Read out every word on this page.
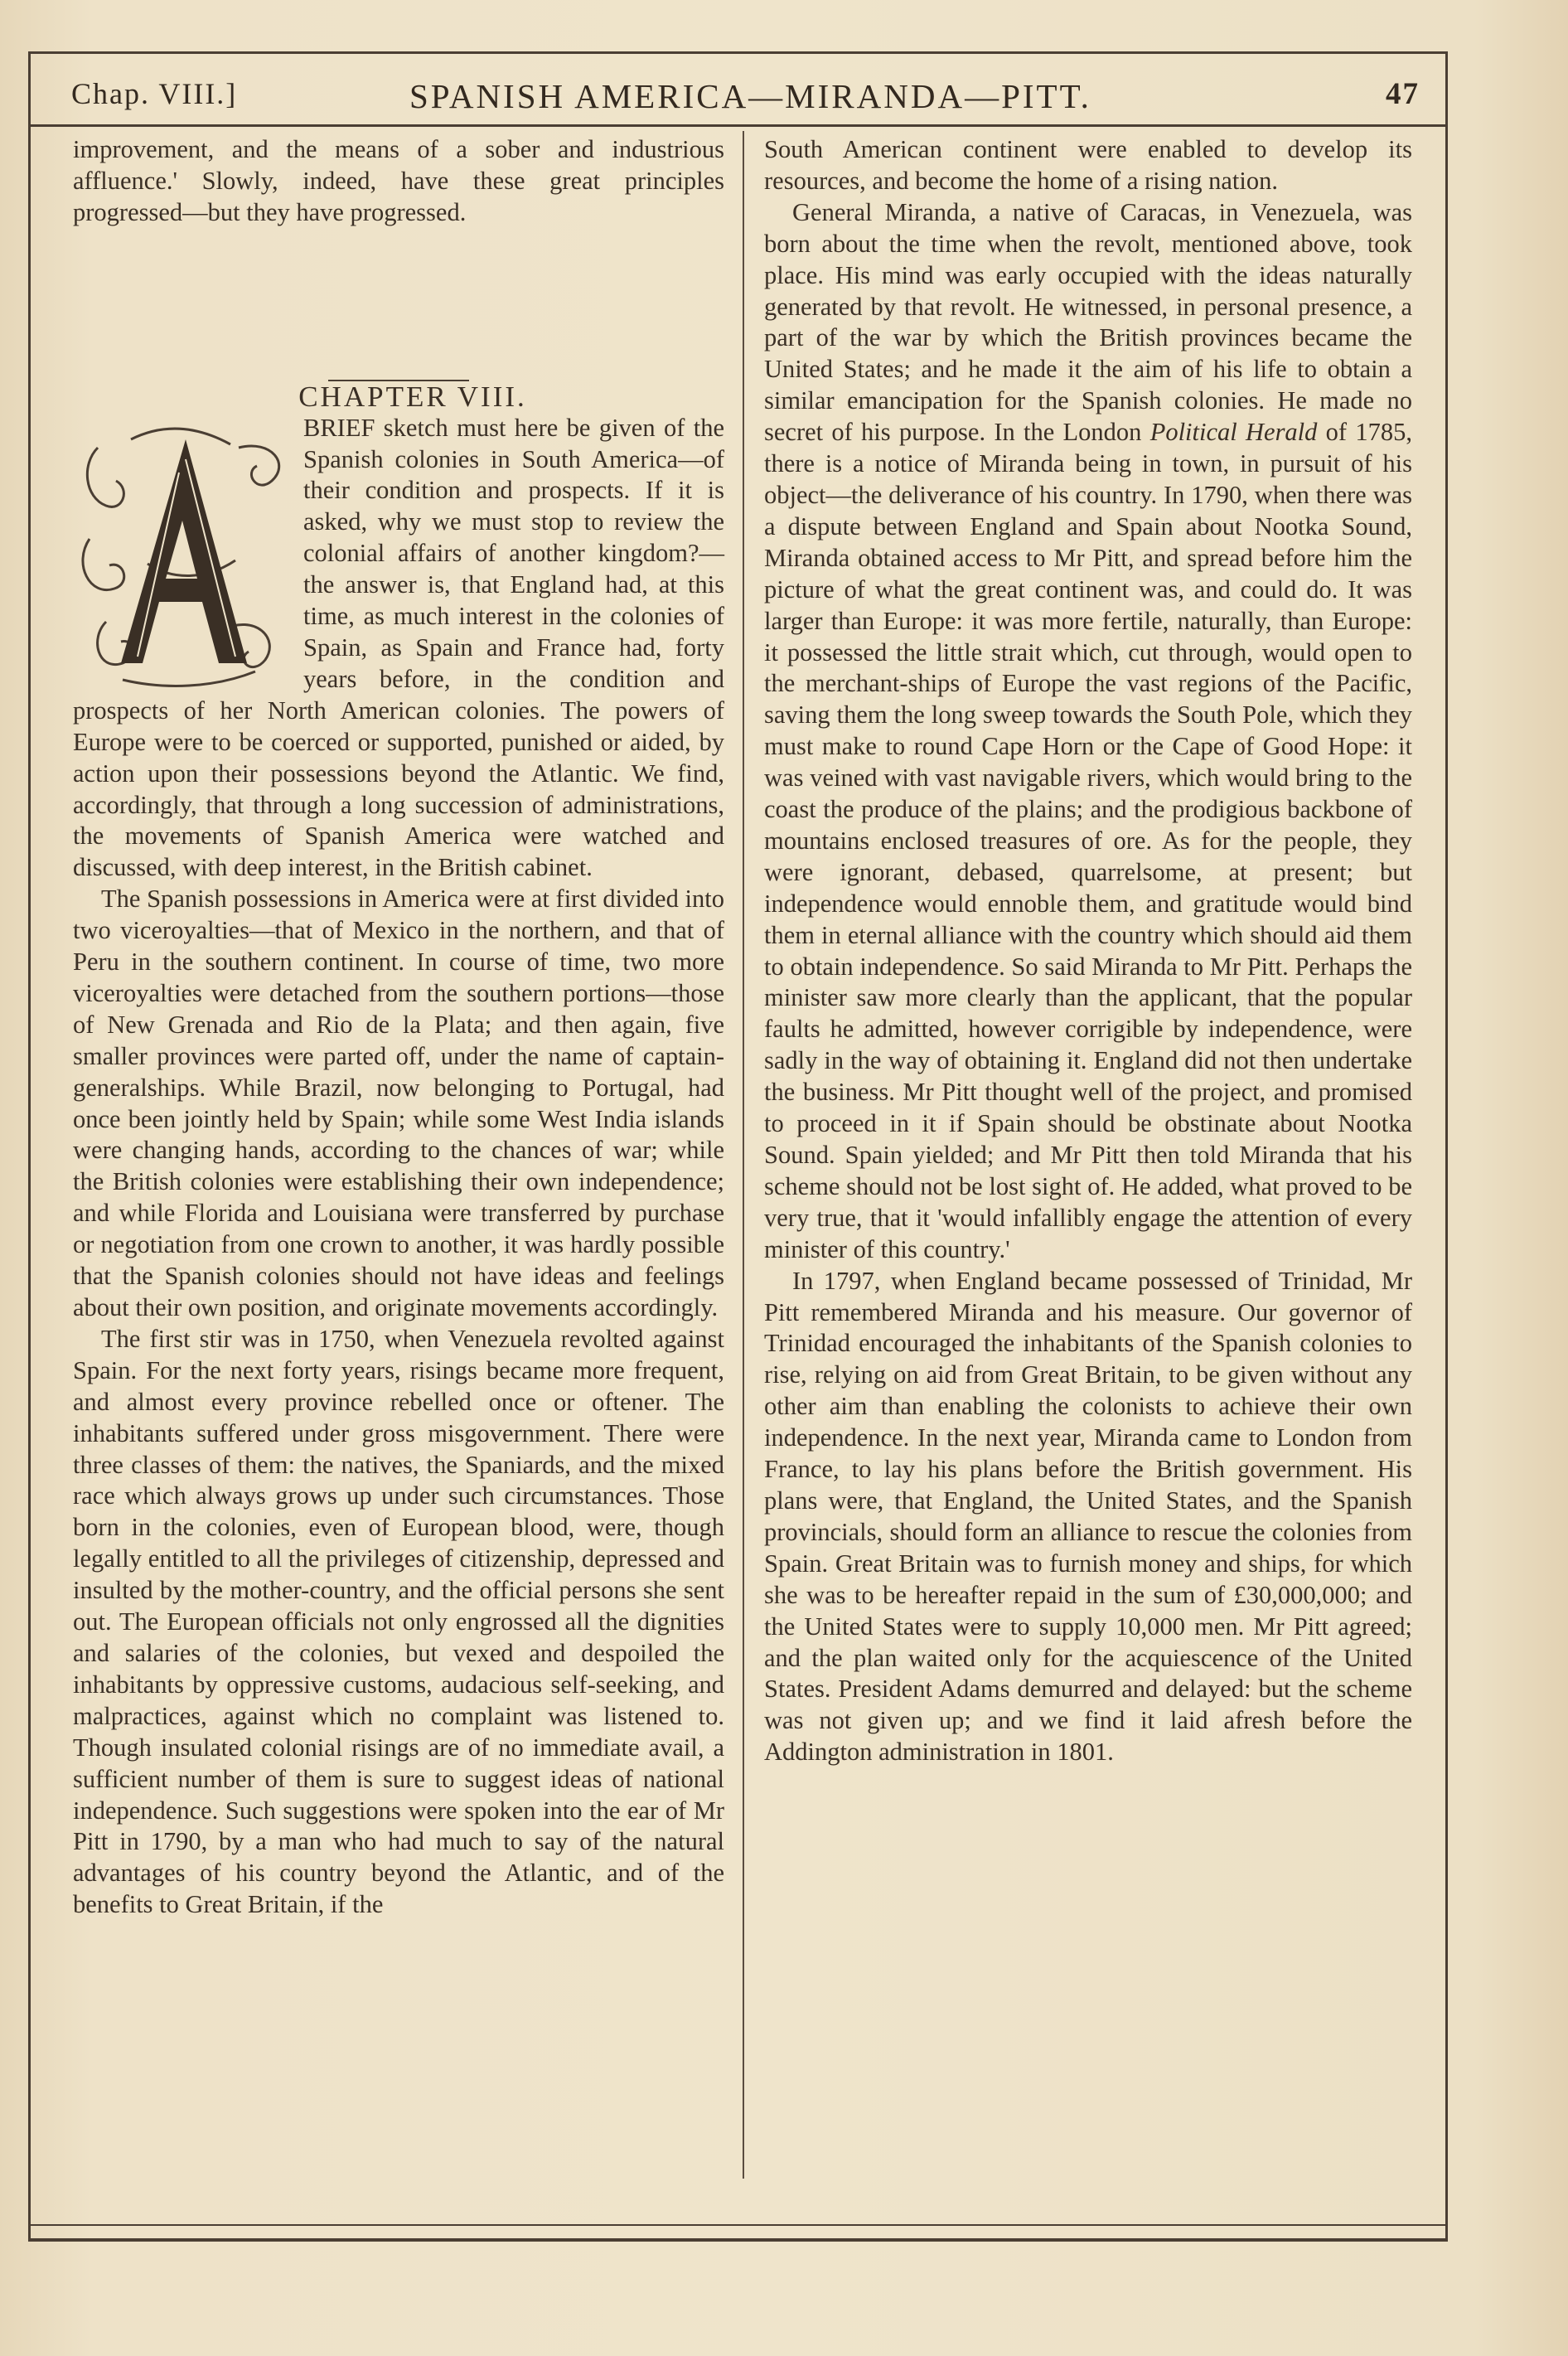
Chap. VIII.]	SPANISH AMERICA—MIRANDA—PITT.	47

improvement, and the means of a sober and industrious affluence.' Slowly, indeed, have these great principles progressed—but they have progressed.

CHAPTER VIII.

BRIEF sketch must here be given of the Spanish colonies in South America—of their condition and prospects. If it is asked, why we must stop to review the colonial affairs of another kingdom?—the answer is, that England had, at this time, as much interest in the colonies of Spain, as Spain and France had, forty years before, in the condition and prospects of her North American colonies. The powers of Europe were to be coerced or supported, punished or aided, by action upon their possessions beyond the Atlantic. We find, accordingly, that through a long succession of administrations, the movements of Spanish America were watched and discussed, with deep interest, in the British cabinet.

The Spanish possessions in America were at first divided into two viceroyalties—that of Mexico in the northern, and that of Peru in the southern continent. In course of time, two more viceroyalties were detached from the southern portions—those of New Grenada and Rio de la Plata; and then again, five smaller provinces were parted off, under the name of captain-generalships. While Brazil, now belonging to Portugal, had once been jointly held by Spain; while some West India islands were changing hands, according to the chances of war; while the British colonies were establishing their own independence; and while Florida and Louisiana were transferred by purchase or negotiation from one crown to another, it was hardly possible that the Spanish colonies should not have ideas and feelings about their own position, and originate movements accordingly.

The first stir was in 1750, when Venezuela revolted against Spain. For the next forty years, risings became more frequent, and almost every province rebelled once or oftener. The inhabitants suffered under gross misgovernment. There were three classes of them: the natives, the Spaniards, and the mixed race which always grows up under such circumstances. Those born in the colonies, even of European blood, were, though legally entitled to all the privileges of citizenship, depressed and insulted by the mother-country, and the official persons she sent out. The European officials not only engrossed all the dignities and salaries of the colonies, but vexed and despoiled the inhabitants by oppressive customs, audacious self-seeking, and malpractices, against which no complaint was listened to. Though insulated colonial risings are of no immediate avail, a sufficient number of them is sure to suggest ideas of national independence. Such suggestions were spoken into the ear of Mr Pitt in 1790, by a man who had much to say of the natural advantages of his country beyond the Atlantic, and of the benefits to Great Britain, if the

South American continent were enabled to develop its resources, and become the home of a rising nation.

General Miranda, a native of Caracas, in Venezuela, was born about the time when the revolt, mentioned above, took place. His mind was early occupied with the ideas naturally generated by that revolt. He witnessed, in personal presence, a part of the war by which the British provinces became the United States; and he made it the aim of his life to obtain a similar emancipation for the Spanish colonies. He made no secret of his purpose. In the London Political Herald of 1785, there is a notice of Miranda being in town, in pursuit of his object—the deliverance of his country. In 1790, when there was a dispute between England and Spain about Nootka Sound, Miranda obtained access to Mr Pitt, and spread before him the picture of what the great continent was, and could do. It was larger than Europe: it was more fertile, naturally, than Europe: it possessed the little strait which, cut through, would open to the merchant-ships of Europe the vast regions of the Pacific, saving them the long sweep towards the South Pole, which they must make to round Cape Horn or the Cape of Good Hope: it was veined with vast navigable rivers, which would bring to the coast the produce of the plains; and the prodigious backbone of mountains enclosed treasures of ore. As for the people, they were ignorant, debased, quarrelsome, at present; but independence would ennoble them, and gratitude would bind them in eternal alliance with the country which should aid them to obtain independence. So said Miranda to Mr Pitt. Perhaps the minister saw more clearly than the applicant, that the popular faults he admitted, however corrigible by independence, were sadly in the way of obtaining it. England did not then undertake the business. Mr Pitt thought well of the project, and promised to proceed in it if Spain should be obstinate about Nootka Sound. Spain yielded; and Mr Pitt then told Miranda that his scheme should not be lost sight of. He added, what proved to be very true, that it 'would infallibly engage the attention of every minister of this country.'

In 1797, when England became possessed of Trinidad, Mr Pitt remembered Miranda and his measure. Our governor of Trinidad encouraged the inhabitants of the Spanish colonies to rise, relying on aid from Great Britain, to be given without any other aim than enabling the colonists to achieve their own independence. In the next year, Miranda came to London from France, to lay his plans before the British government. His plans were, that England, the United States, and the Spanish provincials, should form an alliance to rescue the colonies from Spain. Great Britain was to furnish money and ships, for which she was to be hereafter repaid in the sum of £30,000,000; and the United States were to supply 10,000 men. Mr Pitt agreed; and the plan waited only for the acquiescence of the United States. President Adams demurred and delayed: but the scheme was not given up; and we find it laid afresh before the Addington administration in 1801.
